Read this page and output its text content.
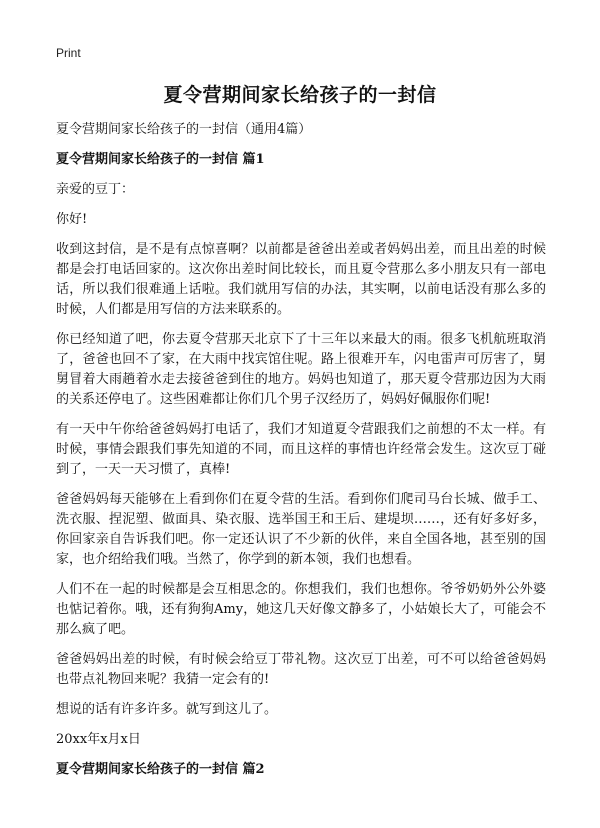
Print
夏令营期间家长给孩子的一封信

夏令营期间家长给孩子的一封信（通用4篇）

夏令营期间家长给孩子的一封信 篇1

亲爱的豆丁：

你好!

收到这封信，是不是有点惊喜啊？以前都是爸爸出差或者妈妈出差，而且出差的时候都是会打电话回家的。这次你出差时间比较长，而且夏令营那么多小朋友只有一部电话，所以我们很难通上话啦。我们就用写信的办法，其实啊，以前电话没有那么多的时候，人们都是用写信的方法来联系的。

你已经知道了吧，你去夏令营那天北京下了十三年以来最大的雨。很多飞机航班取消了，爸爸也回不了家，在大雨中找宾馆住呢。路上很难开车，闪电雷声可厉害了，舅舅冒着大雨趟着水走去接爸爸到住的地方。妈妈也知道了，那天夏令营那边因为大雨的关系还停电了。这些困难都让你们几个男子汉经历了，妈妈好佩服你们呢!

有一天中午你给爸爸妈妈打电话了，我们才知道夏令营跟我们之前想的不太一样。有时候，事情会跟我们事先知道的不同，而且这样的事情也许经常会发生。这次豆丁碰到了，一天一天习惯了，真棒!

爸爸妈妈每天能够在上看到你们在夏令营的生活。看到你们爬司马台长城、做手工、洗衣服、捏泥塑、做面具、染衣服、选举国王和王后、建堤坝……，还有好多好多，你回家亲自告诉我们吧。你一定还认识了不少新的伙伴，来自全国各地，甚至别的国家，也介绍给我们哦。当然了，你学到的新本领，我们也想看。

人们不在一起的时候都是会互相思念的。你想我们，我们也想你。爷爷奶奶外公外婆也惦记着你。哦，还有狗狗Amy，她这几天好像文静多了，小姑娘长大了，可能会不那么疯了吧。

爸爸妈妈出差的时候，有时候会给豆丁带礼物。这次豆丁出差，可不可以给爸爸妈妈也带点礼物回来呢？我猜一定会有的!

想说的话有许多许多。就写到这儿了。

20xx年x月x日

夏令营期间家长给孩子的一封信 篇2
